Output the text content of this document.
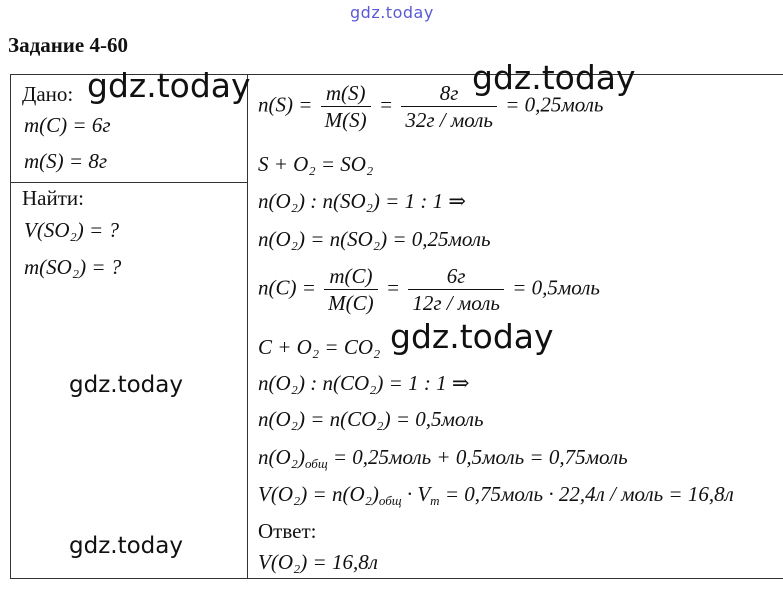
gdz.today
Задание 4-60
Дано:
m(C) = 6г
m(S) = 8г
Найти:
V(SO₂) = ?
m(SO₂) = ?
$n(S) = \frac{m(S)}{M(S)} = \frac{8г}{\text{32г / моль}}$ = 0,25моль
S + O₂ = SO₂
n(O₂) : n(SO₂) = 1 : 1 ⇒
n(O₂) = n(SO₂) = 0,25моль
$n(C) = \frac{m(C)}{M(C)} = \frac{6г}{\text{12г / моль}}$ = 0,5моль
C + O₂ = CO₂
n(O₂) : n(CO₂) = 1 : 1 ⇒
n(O₂) = n(CO₂) = 0,5моль
$n(O_2)_{общ}$ = 0,25моль + 0,5моль = 0,75моль
$V(O_2) = n(O_2)_{общ} \cdot V_m$ = 0,75моль · 22,4л / моль = 16,8л
Ответ:
V(O₂) = 16,8л
gdz.today	gdz.today
gdz.today
gdz.today
gdz.today
